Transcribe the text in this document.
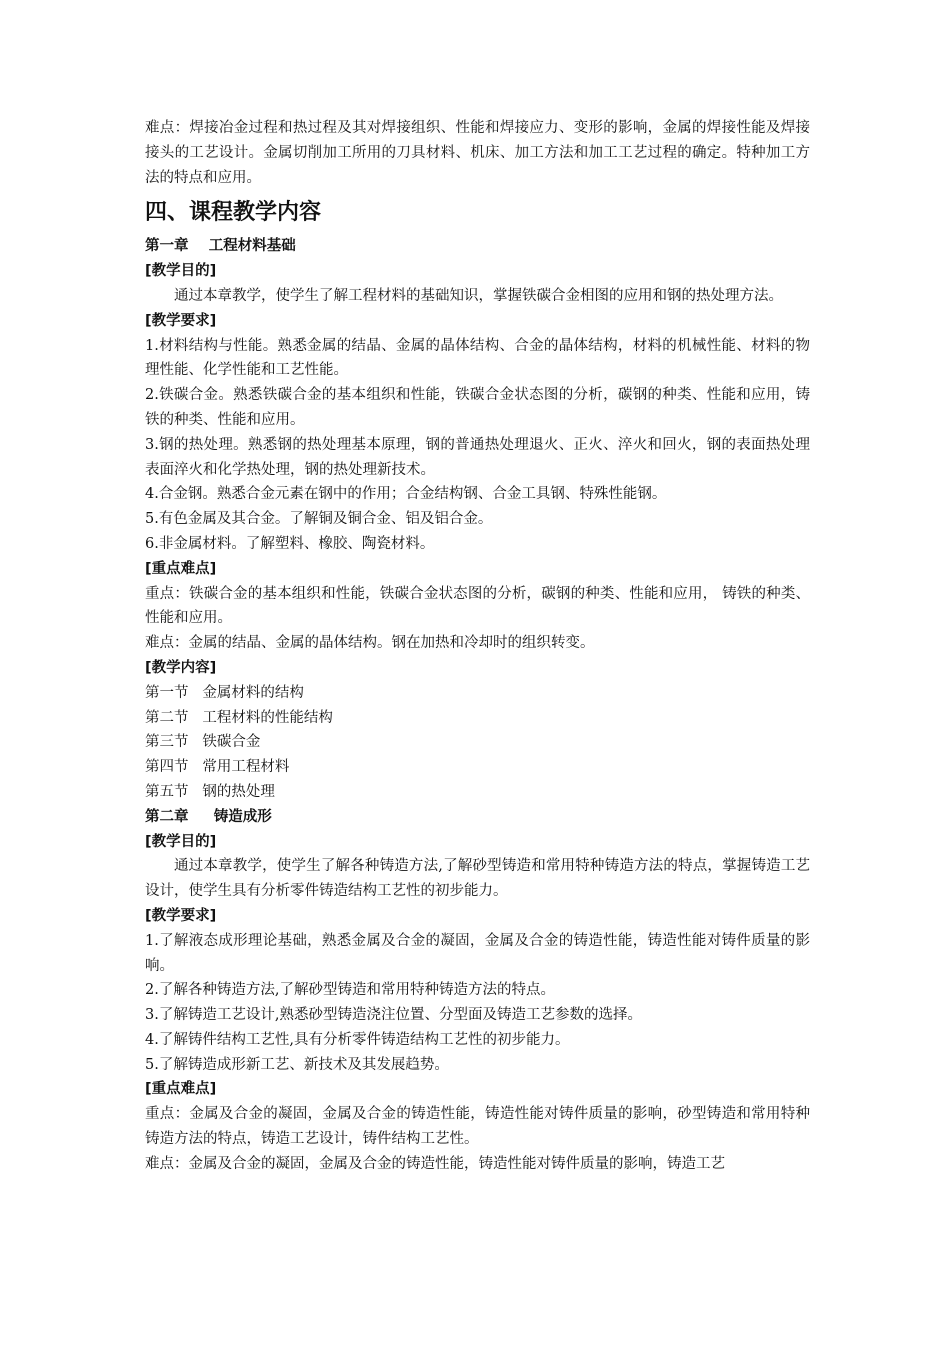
难点：焊接冶金过程和热过程及其对焊接组织、性能和焊接应力、变形的影响，金属的焊接性能及焊接接头的工艺设计。金属切削加工所用的刀具材料、机床、加工方法和加工工艺过程的确定。特种加工方法的特点和应用。

四、课程教学内容

第一章    工程材料基础

[教学目的]

通过本章教学，使学生了解工程材料的基础知识，掌握铁碳合金相图的应用和钢的热处理方法。

[教学要求]

1.材料结构与性能。熟悉金属的结晶、金属的晶体结构、合金的晶体结构，材料的机械性能、材料的物理性能、化学性能和工艺性能。

2.铁碳合金。熟悉铁碳合金的基本组织和性能，铁碳合金状态图的分析，碳钢的种类、性能和应用，铸铁的种类、性能和应用。

3.钢的热处理。熟悉钢的热处理基本原理，钢的普通热处理退火、正火、淬火和回火，钢的表面热处理表面淬火和化学热处理，钢的热处理新技术。

4.合金钢。熟悉合金元素在钢中的作用；合金结构钢、合金工具钢、特殊性能钢。

5.有色金属及其合金。了解铜及铜合金、铝及铝合金。

6.非金属材料。了解塑料、橡胶、陶瓷材料。

[重点难点]

重点：铁碳合金的基本组织和性能，铁碳合金状态图的分析，碳钢的种类、性能和应用， 铸铁的种类、性能和应用。

难点：金属的结晶、金属的晶体结构。钢在加热和冷却时的组织转变。

[教学内容]

第一节   金属材料的结构

第二节   工程材料的性能结构

第三节   铁碳合金

第四节   常用工程材料

第五节   钢的热处理

第二章     铸造成形

[教学目的]

通过本章教学，使学生了解各种铸造方法,了解砂型铸造和常用特种铸造方法的特点，掌握铸造工艺设计，使学生具有分析零件铸造结构工艺性的初步能力。

[教学要求]

1.了解液态成形理论基础，熟悉金属及合金的凝固，金属及合金的铸造性能，铸造性能对铸件质量的影响。

2.了解各种铸造方法,了解砂型铸造和常用特种铸造方法的特点。

3.了解铸造工艺设计,熟悉砂型铸造浇注位置、分型面及铸造工艺参数的选择。

4.了解铸件结构工艺性,具有分析零件铸造结构工艺性的初步能力。

5.了解铸造成形新工艺、新技术及其发展趋势。

[重点难点]

重点：金属及合金的凝固，金属及合金的铸造性能，铸造性能对铸件质量的影响，砂型铸造和常用特种铸造方法的特点，铸造工艺设计，铸件结构工艺性。

难点：金属及合金的凝固，金属及合金的铸造性能，铸造性能对铸件质量的影响，铸造工艺
